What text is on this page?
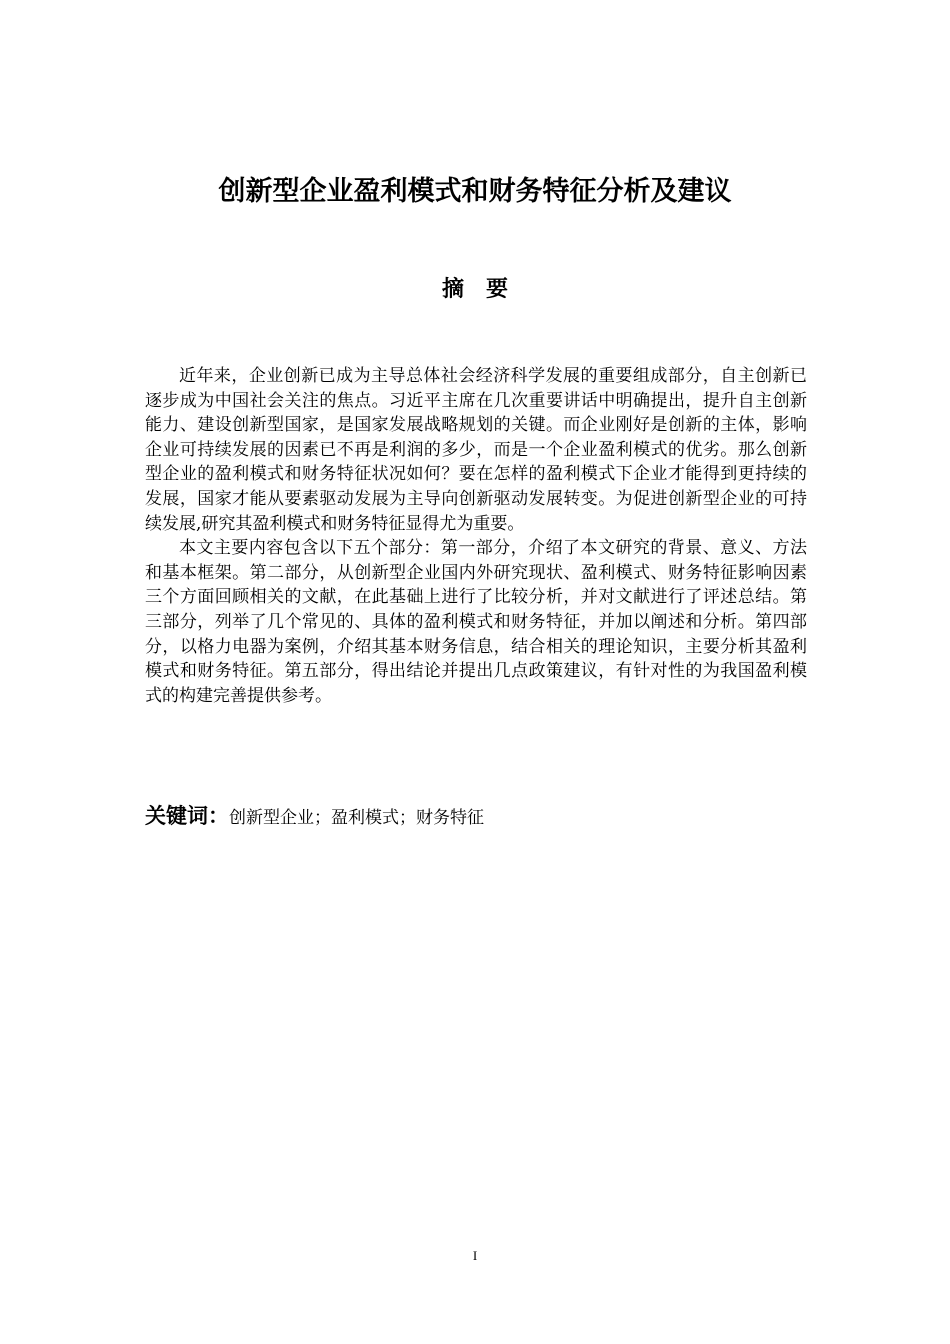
创新型企业盈利模式和财务特征分析及建议
摘要

近年来，企业创新已成为主导总体社会经济科学发展的重要组成部分，自主创新已逐步成为中国社会关注的焦点。习近平主席在几次重要讲话中明确提出，提升自主创新能力、建设创新型国家，是国家发展战略规划的关键。而企业刚好是创新的主体，影响企业可持续发展的因素已不再是利润的多少，而是一个企业盈利模式的优劣。那么创新型企业的盈利模式和财务特征状况如何？要在怎样的盈利模式下企业才能得到更持续的发展，国家才能从要素驱动发展为主导向创新驱动发展转变。为促进创新型企业的可持续发展,研究其盈利模式和财务特征显得尤为重要。

本文主要内容包含以下五个部分：第一部分，介绍了本文研究的背景、意义、方法和基本框架。第二部分，从创新型企业国内外研究现状、盈利模式、财务特征影响因素三个方面回顾相关的文献，在此基础上进行了比较分析，并对文献进行了评述总结。第三部分，列举了几个常见的、具体的盈利模式和财务特征，并加以阐述和分析。第四部分，以格力电器为案例，介绍其基本财务信息，结合相关的理论知识，主要分析其盈利模式和财务特征。第五部分，得出结论并提出几点政策建议，有针对性的为我国盈利模式的构建完善提供参考。

关键词：创新型企业；盈利模式；财务特征
I
